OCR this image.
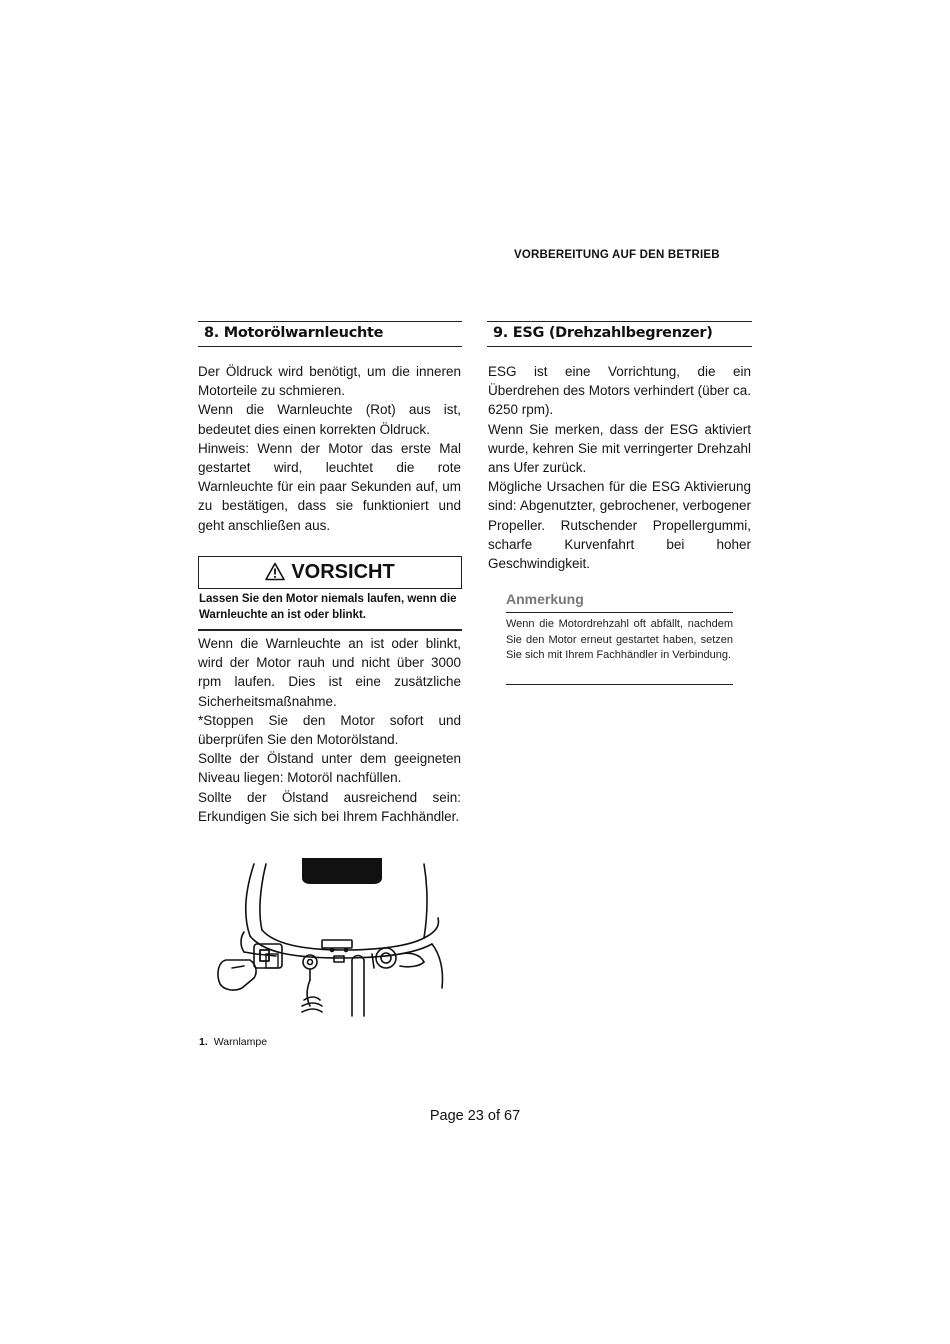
VORBEREITUNG AUF DEN BETRIEB
8. Motorölwarnleuchte

Der Öldruck wird benötigt, um die inneren Motorteile zu schmieren.

Wenn die Warnleuchte (Rot) aus ist, bedeutet dies einen korrekten Öldruck.

Hinweis: Wenn der Motor das erste Mal gestartet wird, leuchtet die rote Warnleuchte für ein paar Sekunden auf, um zu bestätigen, dass sie funktioniert und geht anschließen aus.

VORSICHT
Lassen Sie den Motor niemals laufen, wenn die Warnleuchte an ist oder blinkt.

Wenn die Warnleuchte an ist oder blinkt, wird der Motor rauh und nicht über 3000 rpm laufen. Dies ist eine zusätzliche Sicherheitsmaßnahme.

*Stoppen Sie den Motor sofort und überprüfen Sie den Motorölstand.

Sollte der Ölstand unter dem geeigneten Niveau liegen: Motoröl nachfüllen.

Sollte der Ölstand ausreichend sein: Erkundigen Sie sich bei Ihrem Fachhändler.

1. Warnlampe
9. ESG (Drehzahlbegrenzer)

ESG ist eine Vorrichtung, die ein Überdrehen des Motors verhindert (über ca. 6250 rpm).

Wenn Sie merken, dass der ESG aktiviert wurde, kehren Sie mit verringerter Drehzahl ans Ufer zurück.

Mögliche Ursachen für die ESG Aktivierung sind: Abgenutzter, gebrochener, verbogener Propeller. Rutschender Propellergummi, scharfe Kurvenfahrt bei hoher Geschwindigkeit.

Anmerkung

Wenn die Motordrehzahl oft abfällt, nachdem Sie den Motor erneut gestartet haben, setzen Sie sich mit Ihrem Fachhändler in Verbindung.

Page 23 of 67
